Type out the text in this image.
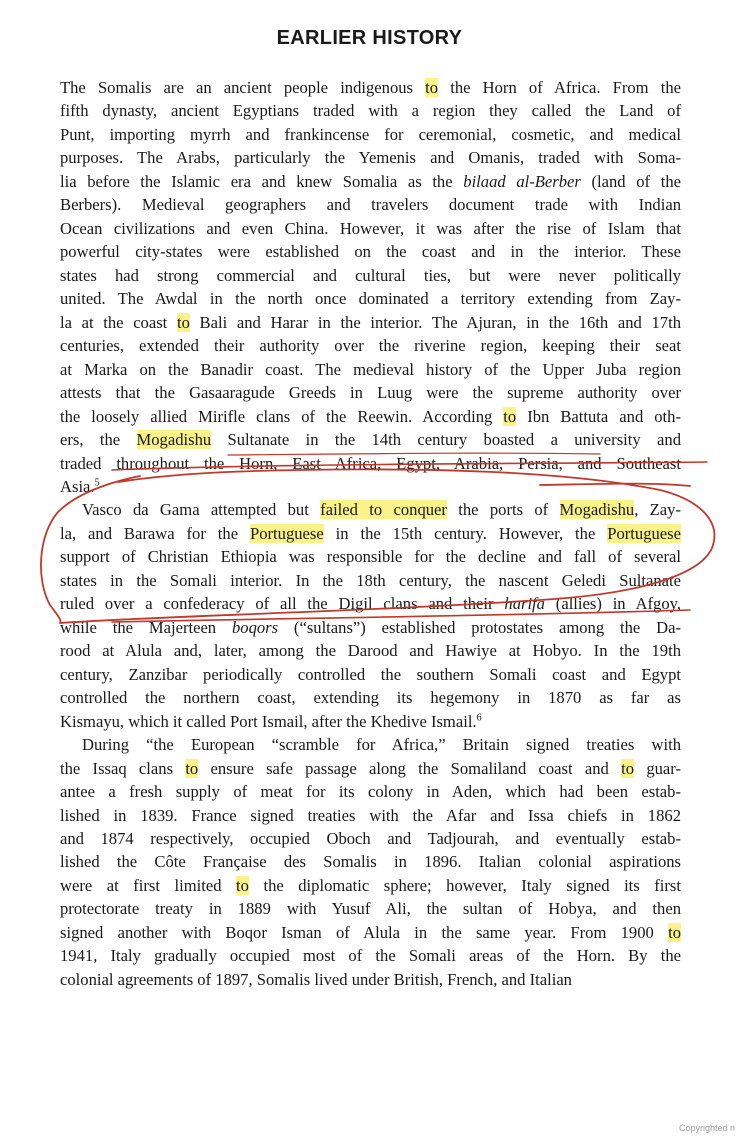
EARLIER HISTORY
The Somalis are an ancient people indigenous to the Horn of Africa. From the
fifth dynasty, ancient Egyptians traded with a region they called the Land of
Punt, importing myrrh and frankincense for ceremonial, cosmetic, and medical
purposes. The Arabs, particularly the Yemenis and Omanis, traded with Soma-
lia before the Islamic era and knew Somalia as the bilaad al-Berber (land of the
Berbers). Medieval geographers and travelers document trade with Indian
Ocean civilizations and even China. However, it was after the rise of Islam that
powerful city-states were established on the coast and in the interior. These
states had strong commercial and cultural ties, but were never politically
united. The Awdal in the north once dominated a territory extending from Zay-
la at the coast to Bali and Harar in the interior. The Ajuran, in the 16th and 17th
centuries, extended their authority over the riverine region, keeping their seat
at Marka on the Banadir coast. The medieval history of the Upper Juba region
attests that the Gasaaragude Greeds in Luug were the supreme authority over
the loosely allied Mirifle clans of the Reewin. According to Ibn Battuta and oth-
ers, the Mogadishu Sultanate in the 14th century boasted a university and
traded throughout the Horn, East Africa, Egypt, Arabia, Persia, and Southeast
Asia.$^5$
Vasco da Gama attempted but failed to conquer the ports of Mogadishu, Zay-
la, and Barawa for the Portuguese in the 15th century. However, the Portuguese
support of Christian Ethiopia was responsible for the decline and fall of several
states in the Somali interior. In the 18th century, the nascent Geledi Sultanate
ruled over a confederacy of all the Digil clans and their harifa (allies) in Afgoy,
while the Majerteen boqors (“sultans”) established protostates among the Da-
rood at Alula and, later, among the Darood and Hawiye at Hobyo. In the 19th
century, Zanzibar periodically controlled the southern Somali coast and Egypt
controlled the northern coast, extending its hegemony in 1870 as far as
Kismayu, which it called Port Ismail, after the Khedive Ismail.$^6$
During “the European “scramble for Africa,” Britain signed treaties with
the Issaq clans to ensure safe passage along the Somaliland coast and to guar-
antee a fresh supply of meat for its colony in Aden, which had been estab-
lished in 1839. France signed treaties with the Afar and Issa chiefs in 1862
and 1874 respectively, occupied Oboch and Tadjourah, and eventually estab-
lished the Côte Française des Somalis in 1896. Italian colonial aspirations
were at first limited to the diplomatic sphere; however, Italy signed its first
protectorate treaty in 1889 with Yusuf Ali, the sultan of Hobya, and then
signed another with Boqor Isman of Alula in the same year. From 1900 to
1941, Italy gradually occupied most of the Somali areas of the Horn. By the
colonial agreements of 1897, Somalis lived under British, French, and Italian
Copyrighted n
